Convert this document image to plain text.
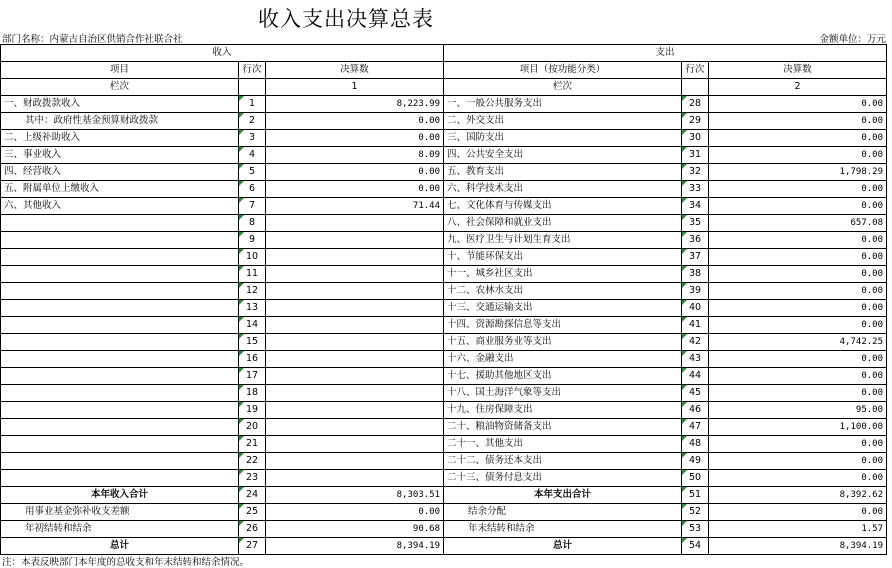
收入支出决算总表
部门名称：内蒙古自治区供销合作社联合社	金额单位：万元
收入			支出		
项目	行次	决算数	项目（按功能分类）	行次	决算数
栏次		1	栏次		2
一、财政拨款收入	1	8,223.99	一、一般公共服务支出	28	0.00
其中：政府性基金预算财政拨款	2	0.00	二、外交支出	29	0.00
二、上级补助收入	3	0.00	三、国防支出	30	0.00
三、事业收入	4	8.09	四、公共安全支出	31	0.00
四、经营收入	5	0.00	五、教育支出	32	1,798.29
五、附属单位上缴收入	6	0.00	六、科学技术支出	33	0.00
六、其他收入	7	71.44	七、文化体育与传媒支出	34	0.00
	8		八、社会保障和就业支出	35	657.08
	9		九、医疗卫生与计划生育支出	36	0.00
	10		十、节能环保支出	37	0.00
	11		十一、城乡社区支出	38	0.00
	12		十二、农林水支出	39	0.00
	13		十三、交通运输支出	40	0.00
	14		十四、资源勘探信息等支出	41	0.00
	15		十五、商业服务业等支出	42	4,742.25
	16		十六、金融支出	43	0.00
	17		十七、援助其他地区支出	44	0.00
	18		十八、国土海洋气象等支出	45	0.00
	19		十九、住房保障支出	46	95.00
	20		二十、粮油物资储备支出	47	1,100.00
	21		二十一、其他支出	48	0.00
	22		二十二、债务还本支出	49	0.00
	23		二十三、债务付息支出	50	0.00
本年收入合计	24	8,303.51	本年支出合计	51	8,392.62
用事业基金弥补收支差额	25	0.00	结余分配	52	0.00
年初结转和结余	26	90.68	年末结转和结余	53	1.57
总计	27	8,394.19	总计	54	8,394.19
注：本表反映部门本年度的总收支和年末结转和结余情况。
